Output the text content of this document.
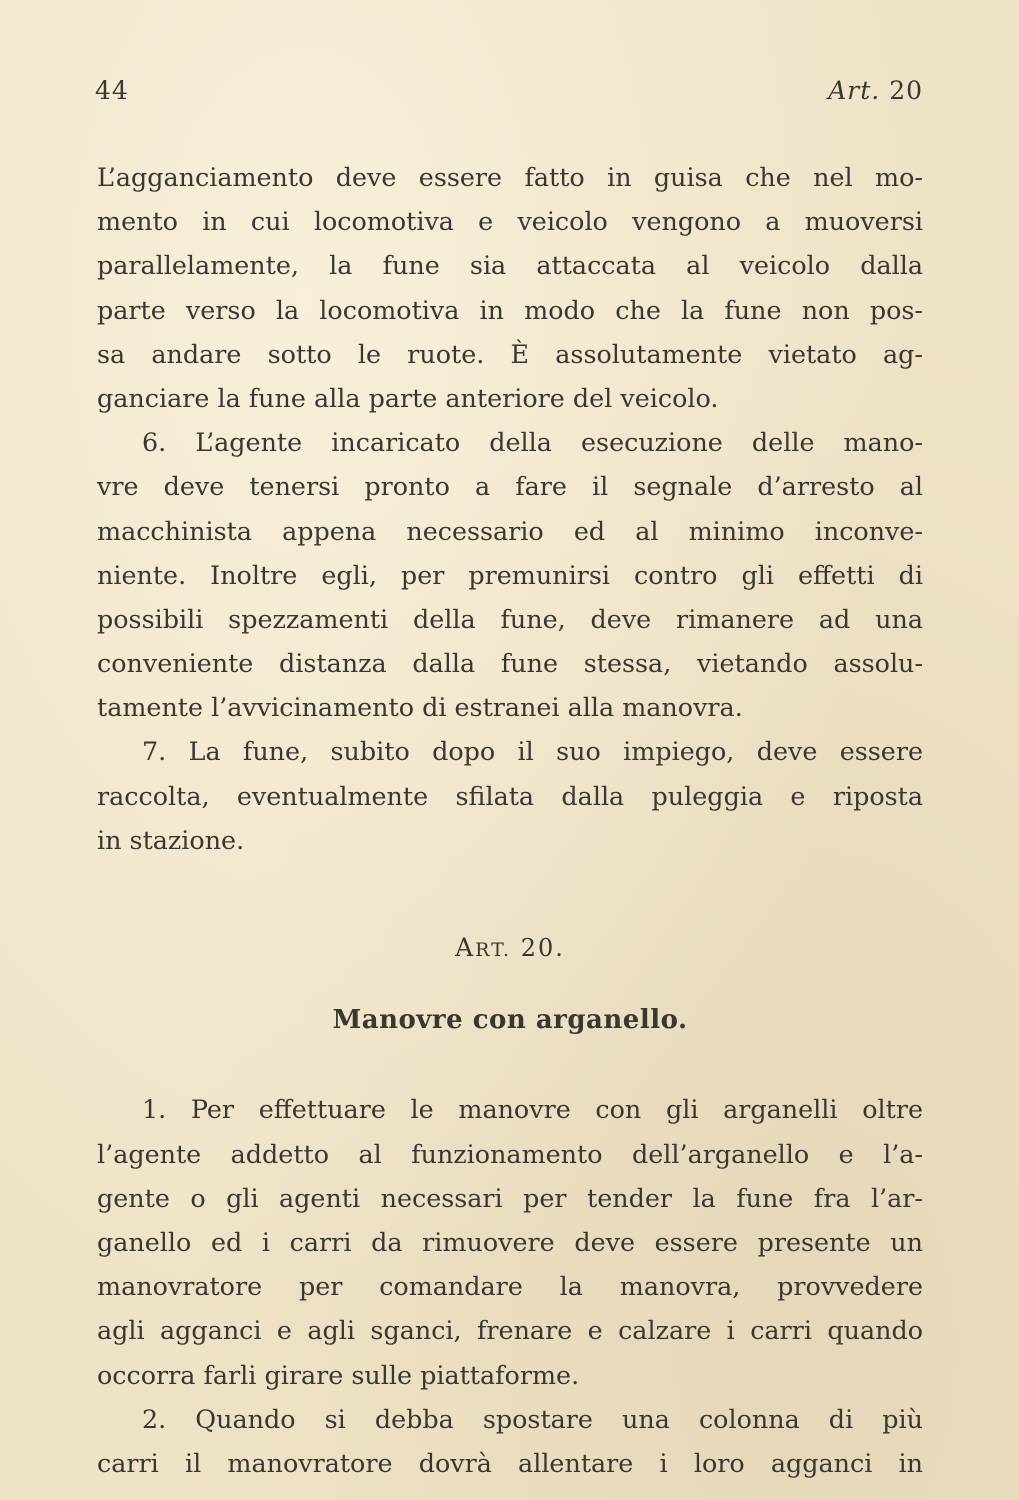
44	Art. 20

L’agganciamento deve essere fatto in guisa che nel mo-
mento in cui locomotiva e veicolo vengono a muoversi
parallelamente, la fune sia attaccata al veicolo dalla
parte verso la locomotiva in modo che la fune non pos-
sa andare sotto le ruote. È assolutamente vietato ag-
ganciare la fune alla parte anteriore del veicolo.

6. L’agente incaricato della esecuzione delle mano-
vre deve tenersi pronto a fare il segnale d’arresto al
macchinista appena necessario ed al minimo inconve-
niente. Inoltre egli, per premunirsi contro gli effetti di
possibili spezzamenti della fune, deve rimanere ad una
conveniente distanza dalla fune stessa, vietando assolu-
tamente l’avvicinamento di estranei alla manovra.

7. La fune, subito dopo il suo impiego, deve essere
raccolta, eventualmente sfilata dalla puleggia e riposta
in stazione.

ART. 20.
Manovre con arganello.

1. Per effettuare le manovre con gli arganelli oltre
l’agente addetto al funzionamento dell’arganello e l’a-
gente o gli agenti necessari per tender la fune fra l’ar-
ganello ed i carri da rimuovere deve essere presente un
manovratore per comandare la manovra, provvedere
agli agganci e agli sganci, frenare e calzare i carri quando
occorra farli girare sulle piattaforme.

2. Quando si debba spostare una colonna di più
carri il manovratore dovrà allentare i loro agganci in
